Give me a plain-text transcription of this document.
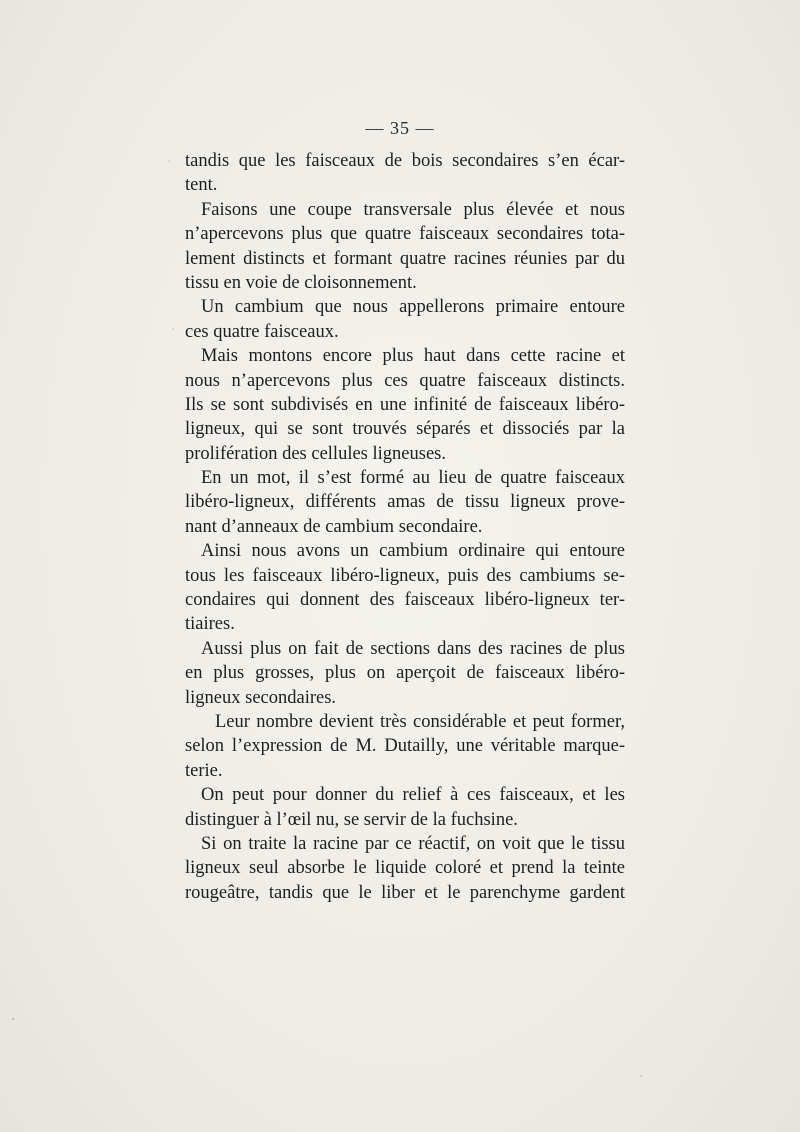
— 35 —
tandis que les faisceaux de bois secondaires s’en écar-
tent.
Faisons une coupe transversale plus élevée et nous
n’apercevons plus que quatre faisceaux secondaires tota-
lement distincts et formant quatre racines réunies par du
tissu en voie de cloisonnement.
Un cambium que nous appellerons primaire entoure
ces quatre faisceaux.
Mais montons encore plus haut dans cette racine et
nous n’apercevons plus ces quatre faisceaux distincts.
Ils se sont subdivisés en une infinité de faisceaux libéro-
ligneux, qui se sont trouvés séparés et dissociés par la
prolifération des cellules ligneuses.
En un mot, il s’est formé au lieu de quatre faisceaux
libéro-ligneux, différents amas de tissu ligneux prove-
nant d’anneaux de cambium secondaire.
Ainsi nous avons un cambium ordinaire qui entoure
tous les faisceaux libéro-ligneux, puis des cambiums se-
condaires qui donnent des faisceaux libéro-ligneux ter-
tiaires.
Aussi plus on fait de sections dans des racines de plus
en plus grosses, plus on aperçoit de faisceaux libéro-
ligneux secondaires.
Leur nombre devient très considérable et peut former,
selon l’expression de M. Dutailly, une véritable marque-
terie.
On peut pour donner du relief à ces faisceaux, et les
distinguer à l’œil nu, se servir de la fuchsine.
Si on traite la racine par ce réactif, on voit que le tissu
ligneux seul absorbe le liquide coloré et prend la teinte
rougeâtre, tandis que le liber et le parenchyme gardent
